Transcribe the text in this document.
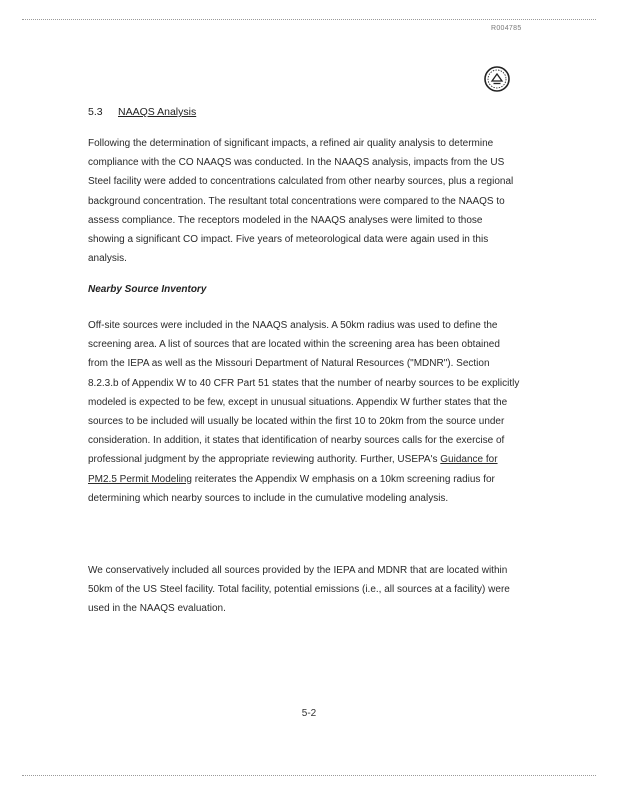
R004785
5.3 NAAQS Analysis

Following the determination of significant impacts, a refined air quality analysis to determine compliance with the CO NAAQS was conducted. In the NAAQS analysis, impacts from the US Steel facility were added to concentrations calculated from other nearby sources, plus a regional background concentration. The resultant total concentrations were compared to the NAAQS to assess compliance. The receptors modeled in the NAAQS analyses were limited to those showing a significant CO impact. Five years of meteorological data were again used in this analysis.

Nearby Source Inventory

Off-site sources were included in the NAAQS analysis. A 50km radius was used to define the screening area. A list of sources that are located within the screening area has been obtained from the IEPA as well as the Missouri Department of Natural Resources ("MDNR"). Section 8.2.3.b of Appendix W to 40 CFR Part 51 states that the number of nearby sources to be explicitly modeled is expected to be few, except in unusual situations. Appendix W further states that the sources to be included will usually be located within the first 10 to 20km from the source under consideration. In addition, it states that identification of nearby sources calls for the exercise of professional judgment by the appropriate reviewing authority. Further, USEPA's Guidance for PM2.5 Permit Modeling reiterates the Appendix W emphasis on a 10km screening radius for determining which nearby sources to include in the cumulative modeling analysis.

We conservatively included all sources provided by the IEPA and MDNR that are located within 50km of the US Steel facility. Total facility, potential emissions (i.e., all sources at a facility) were used in the NAAQS evaluation.

5-2
